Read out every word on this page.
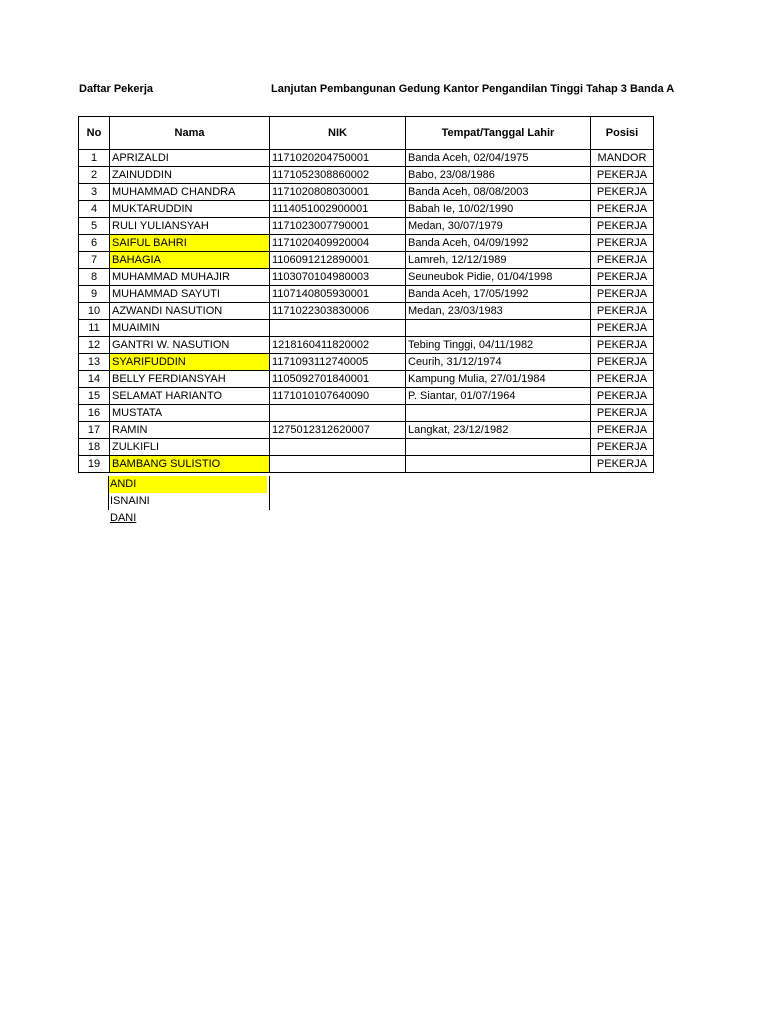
Daftar Pekerja	Lanjutan Pembangunan Gedung Kantor Pengandilan Tinggi Tahap 3 Banda A
No	Nama	NIK	Tempat/Tanggal Lahir	Posisi
1	APRIZALDI	1171020204750001	Banda Aceh, 02/04/1975	MANDOR
2	ZAINUDDIN	1171052308860002	Babo, 23/08/1986	PEKERJA
3	MUHAMMAD CHANDRA	1171020808030001	Banda Aceh, 08/08/2003	PEKERJA
4	MUKTARUDDIN	1114051002900001	Babah Ie, 10/02/1990	PEKERJA
5	RULI YULIANSYAH	1171023007790001	Medan, 30/07/1979	PEKERJA
6	SAIFUL BAHRI	1171020409920004	Banda Aceh, 04/09/1992	PEKERJA
7	BAHAGIA	1106091212890001	Lamreh, 12/12/1989	PEKERJA
8	MUHAMMAD MUHAJIR	1103070104980003	Seuneubok Pidie, 01/04/1998	PEKERJA
9	MUHAMMAD SAYUTI	1107140805930001	Banda Aceh, 17/05/1992	PEKERJA
10	AZWANDI NASUTION	1171022303830006	Medan, 23/03/1983	PEKERJA
11	MUAIMIN			PEKERJA
12	GANTRI W. NASUTION	1218160411820002	Tebing Tinggi, 04/11/1982	PEKERJA
13	SYARIFUDDIN	1171093112740005	Ceurih, 31/12/1974	PEKERJA
14	BELLY FERDIANSYAH	1105092701840001	Kampung Mulia, 27/01/1984	PEKERJA
15	SELAMAT HARIANTO	1171010107640090	P. Siantar, 01/07/1964	PEKERJA
16	MUSTATA			PEKERJA
17	RAMIN	1275012312620007	Langkat, 23/12/1982	PEKERJA
18	ZULKIFLI			PEKERJA
19	BAMBANG SULISTIO			PEKERJA
ANDI
ISNAINI
DANI
